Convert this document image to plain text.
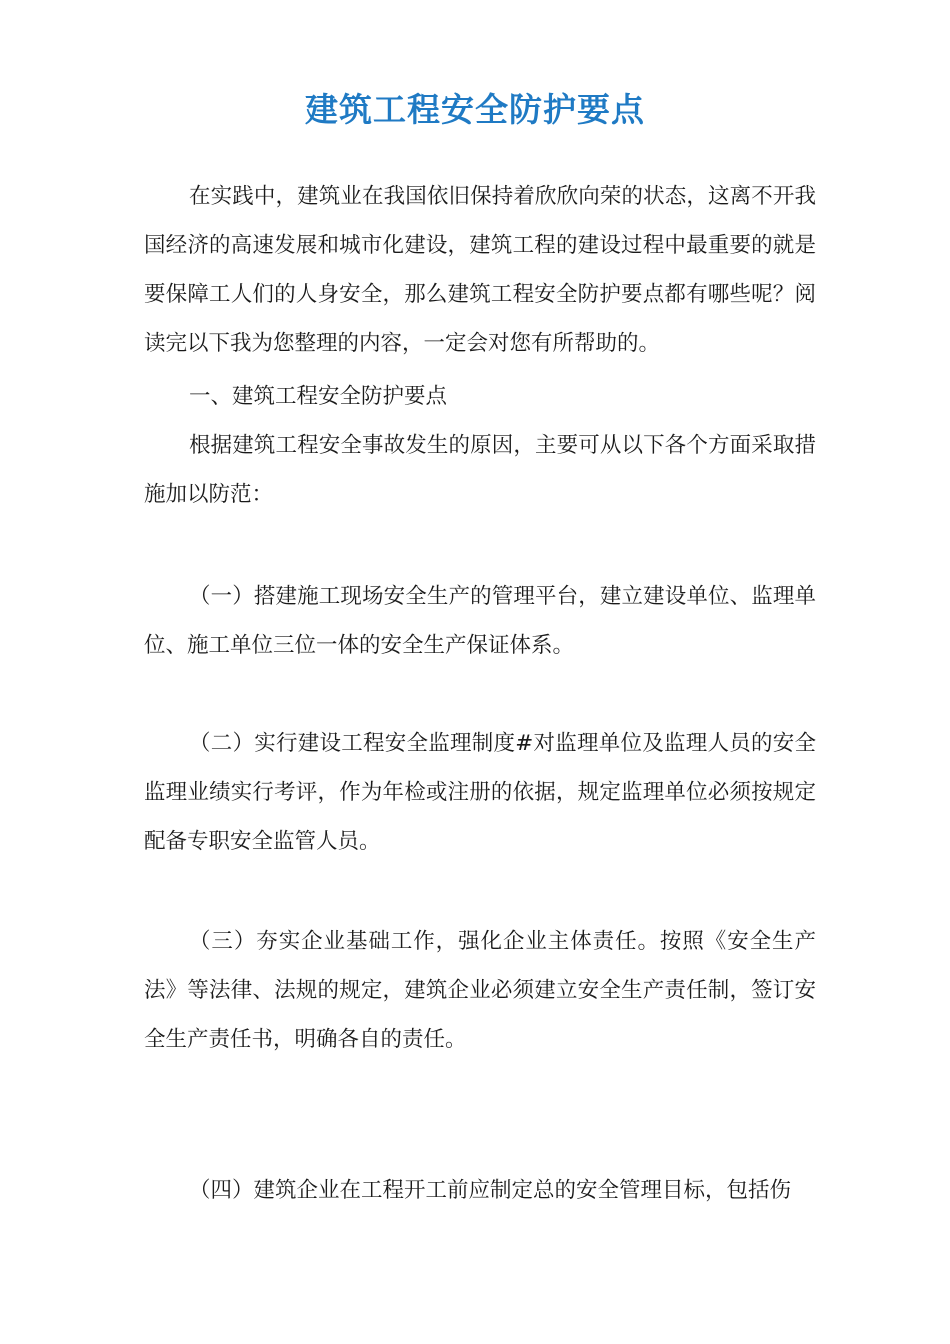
建筑工程安全防护要点

在实践中，建筑业在我国依旧保持着欣欣向荣的状态，这离不开我国经济的高速发展和城市化建设，建筑工程的建设过程中最重要的就是要保障工人们的人身安全，那么建筑工程安全防护要点都有哪些呢？阅读完以下我为您整理的内容，一定会对您有所帮助的。

一、建筑工程安全防护要点

根据建筑工程安全事故发生的原因，主要可从以下各个方面采取措施加以防范：

（一）搭建施工现场安全生产的管理平台，建立建设单位、监理单位、施工单位三位一体的安全生产保证体系。

（二）实行建设工程安全监理制度#对监理单位及监理人员的安全监理业绩实行考评，作为年检或注册的依据，规定监理单位必须按规定配备专职安全监管人员。

（三）夯实企业基础工作，强化企业主体责任。按照《安全生产法》等法律、法规的规定，建筑企业必须建立安全生产责任制，签订安全生产责任书，明确各自的责任。

（四）建筑企业在工程开工前应制定总的安全管理目标，包括伤
